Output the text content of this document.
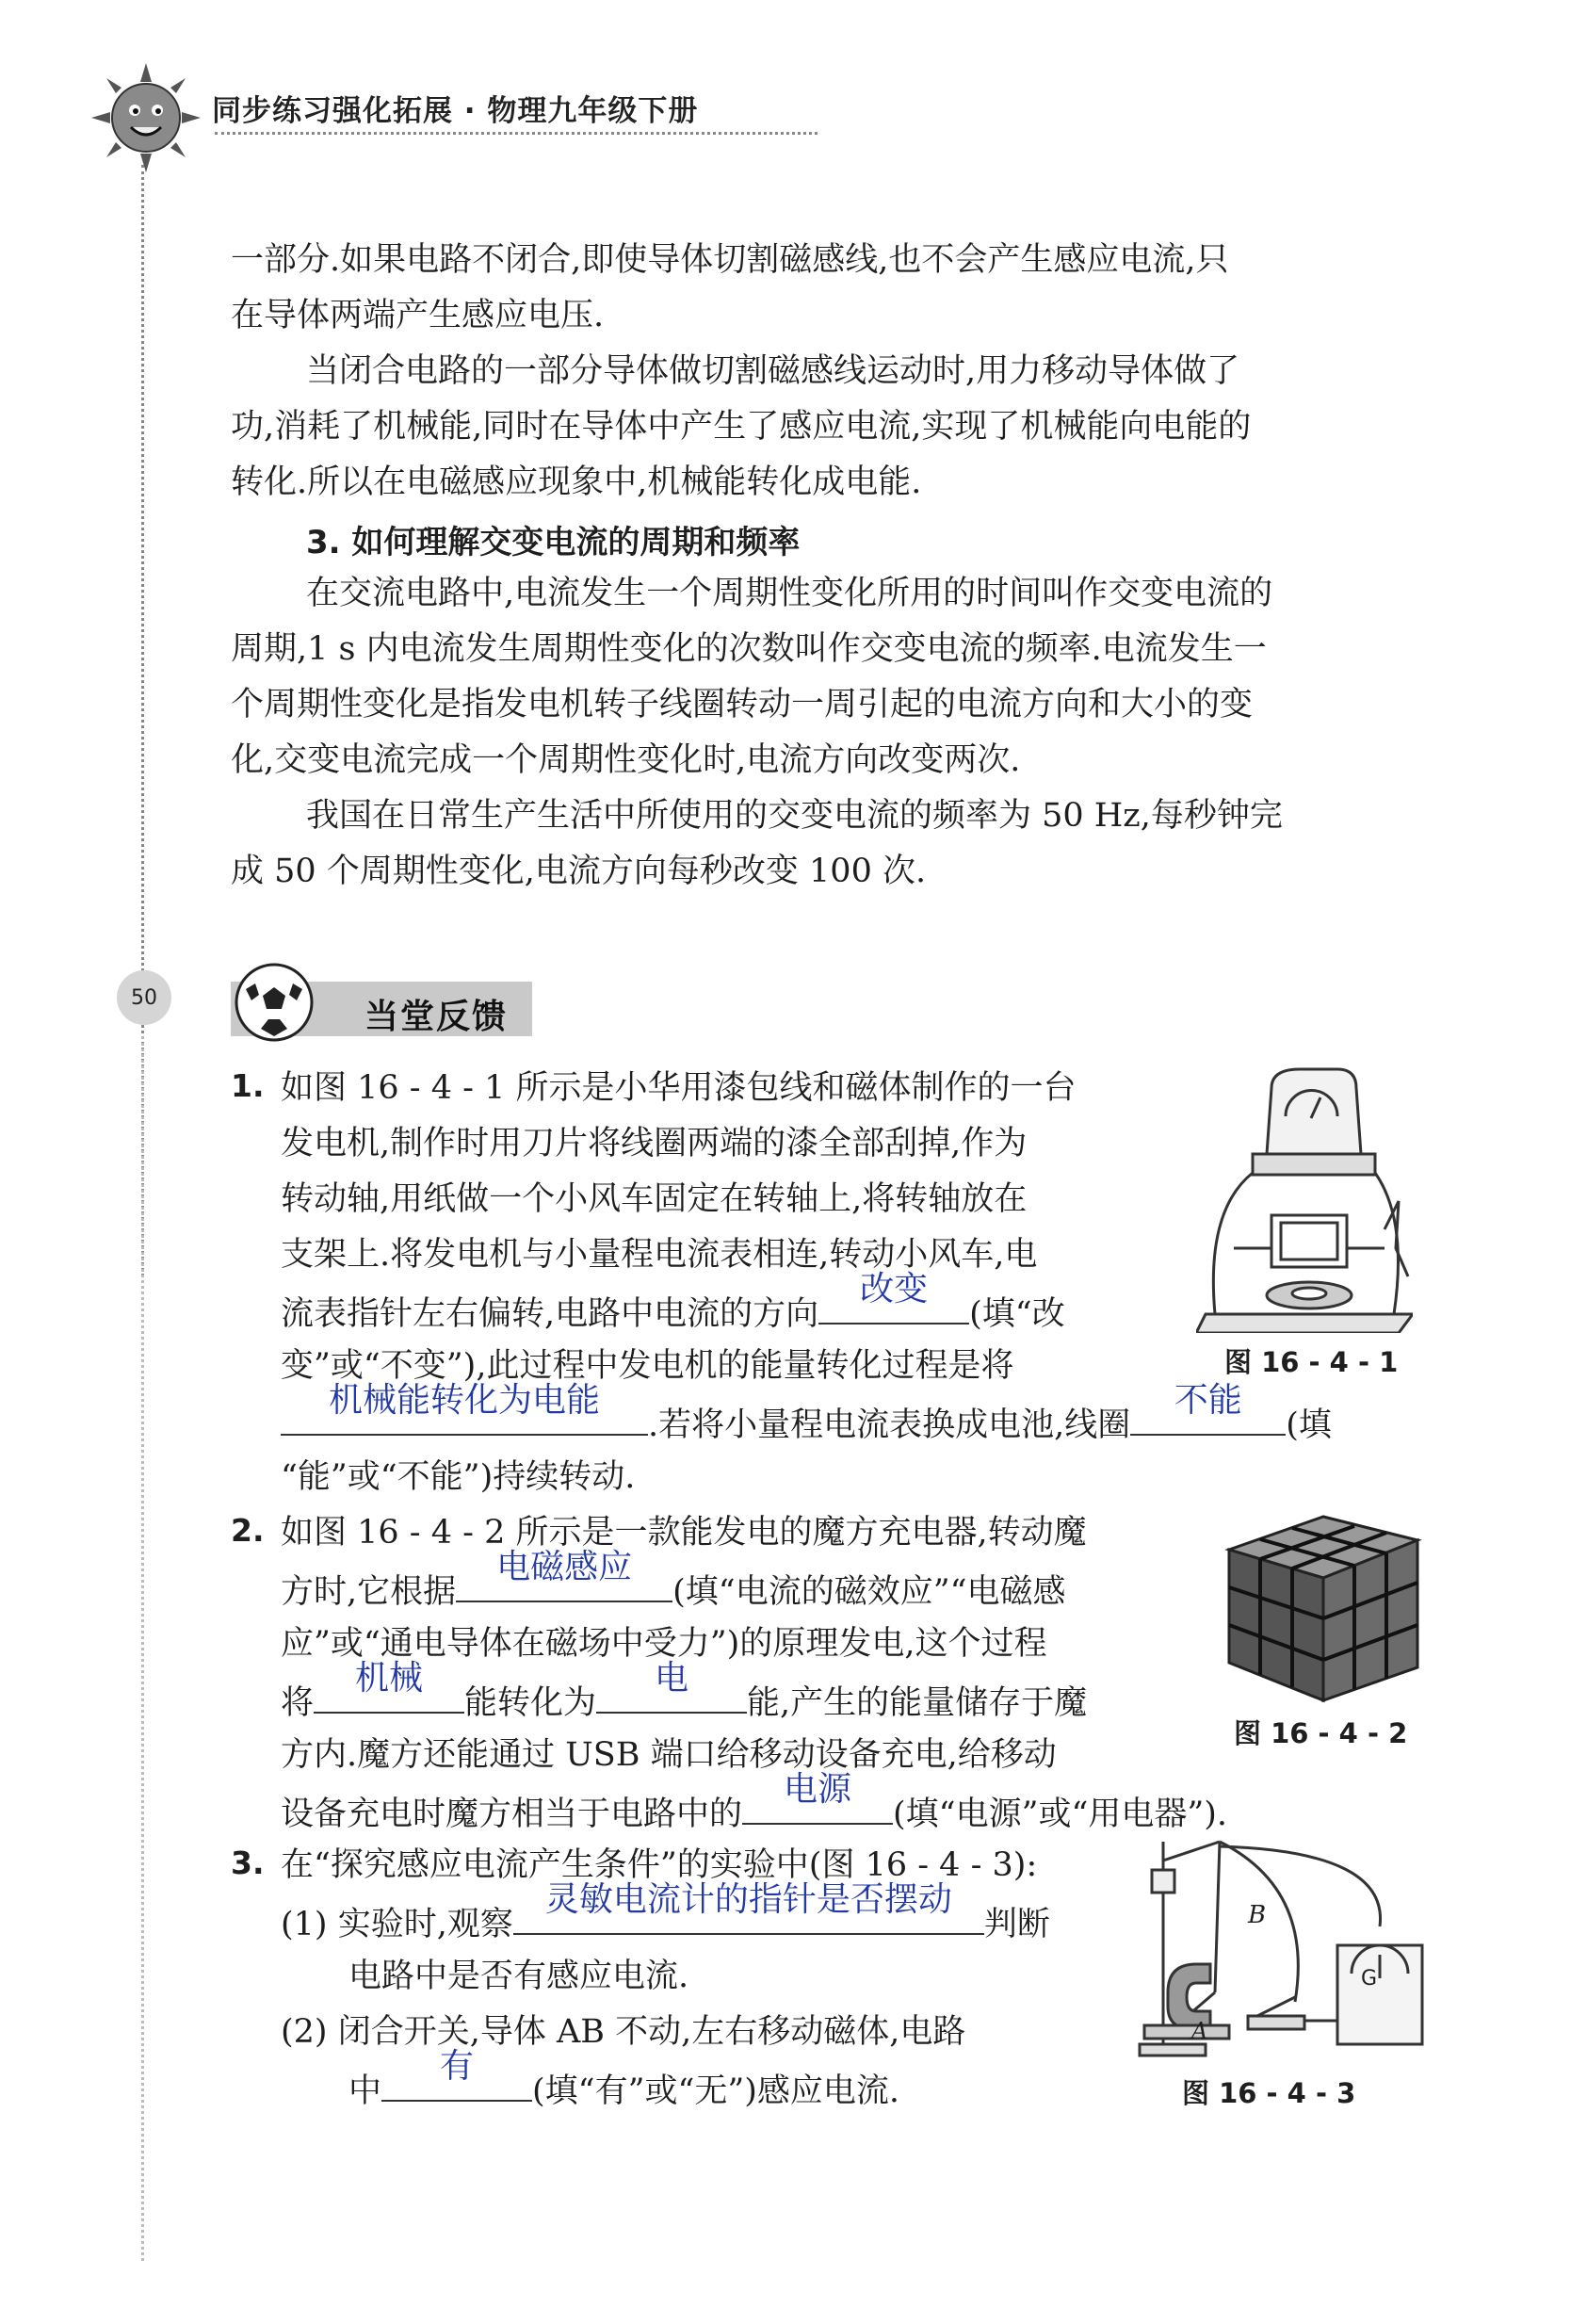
同步练习强化拓展 · 物理九年级下册
50
一部分.如果电路不闭合,即使导体切割磁感线,也不会产生感应电流,只
在导体两端产生感应电压.
当闭合电路的一部分导体做切割磁感线运动时,用力移动导体做了
功,消耗了机械能,同时在导体中产生了感应电流,实现了机械能向电能的
转化.所以在电磁感应现象中,机械能转化成电能.
3. 如何理解交变电流的周期和频率
在交流电路中,电流发生一个周期性变化所用的时间叫作交变电流的
周期,1 s 内电流发生周期性变化的次数叫作交变电流的频率.电流发生一
个周期性变化是指发电机转子线圈转动一周引起的电流方向和大小的变
化,交变电流完成一个周期性变化时,电流方向改变两次.
我国在日常生产生活中所使用的交变电流的频率为 50 Hz,每秒钟完
成 50 个周期性变化,电流方向每秒改变 100 次.
当堂反馈
1. 如图 16 - 4 - 1 所示是小华用漆包线和磁体制作的一台
发电机,制作时用刀片将线圈两端的漆全部刮掉,作为
转动轴,用纸做一个小风车固定在转轴上,将转轴放在
支架上.将发电机与小量程电流表相连,转动小风车,电
流表指针左右偏转,电路中电流的方向
改变
(填“改
变”或“不变”),此过程中发电机的能量转化过程是将
机械能转化为电能
.若将小量程电流表换成电池,线圈
不能
(填
“能”或“不能”)持续转动.
图 16 - 4 - 1
2. 如图 16 - 4 - 2 所示是一款能发电的魔方充电器,转动魔
方时,它根据
电磁感应
(填“电流的磁效应”“电磁感
应”或“通电导体在磁场中受力”)的原理发电,这个过程
将
机械
能转化为
电
能,产生的能量储存于魔
方内.魔方还能通过 USB 端口给移动设备充电,给移动
设备充电时魔方相当于电路中的
电源
(填“电源”或“用电器”).
图 16 - 4 - 2
3. 在“探究感应电流产生条件”的实验中(图 16 - 4 - 3):
(1) 实验时,观察
灵敏电流计的指针是否摆动
判断
电路中是否有感应电流.
(2) 闭合开关,导体 AB 不动,左右移动磁体,电路
中
有
(填“有”或“无”)感应电流.
B
A
G
图 16 - 4 - 3
